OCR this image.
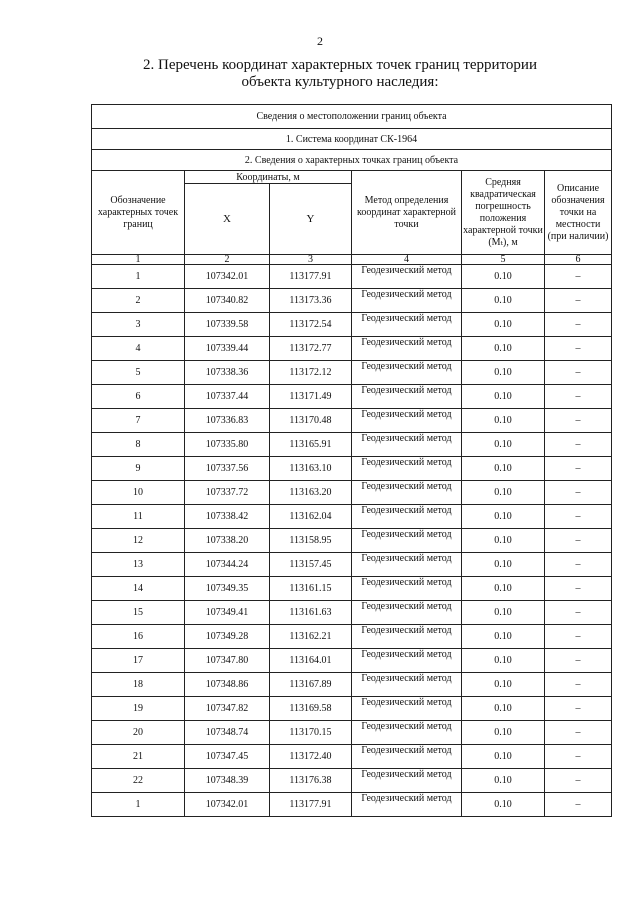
2
2. Перечень координат характерных точек границ территории
объекта культурного наследия:
Сведения о местоположении границ объекта					
1. Система координат СК-1964					
2. Сведения о характерных точках границ объекта					
Обозначение характерных точек границ	Координаты, м		Метод определения координат характерной точки	Средняя квадратическая погрешность положения характерной точки (Mₜ), м	Описание обозначения точки на местности (при наличии)
	X	Y			
1	2	3	4	5	6
1	107342.01	113177.91	Геодезический метод	0.10	–
2	107340.82	113173.36	Геодезический метод	0.10	–
3	107339.58	113172.54	Геодезический метод	0.10	–
4	107339.44	113172.77	Геодезический метод	0.10	–
5	107338.36	113172.12	Геодезический метод	0.10	–
6	107337.44	113171.49	Геодезический метод	0.10	–
7	107336.83	113170.48	Геодезический метод	0.10	–
8	107335.80	113165.91	Геодезический метод	0.10	–
9	107337.56	113163.10	Геодезический метод	0.10	–
10	107337.72	113163.20	Геодезический метод	0.10	–
11	107338.42	113162.04	Геодезический метод	0.10	–
12	107338.20	113158.95	Геодезический метод	0.10	–
13	107344.24	113157.45	Геодезический метод	0.10	–
14	107349.35	113161.15	Геодезический метод	0.10	–
15	107349.41	113161.63	Геодезический метод	0.10	–
16	107349.28	113162.21	Геодезический метод	0.10	–
17	107347.80	113164.01	Геодезический метод	0.10	–
18	107348.86	113167.89	Геодезический метод	0.10	–
19	107347.82	113169.58	Геодезический метод	0.10	–
20	107348.74	113170.15	Геодезический метод	0.10	–
21	107347.45	113172.40	Геодезический метод	0.10	–
22	107348.39	113176.38	Геодезический метод	0.10	–
1	107342.01	113177.91	Геодезический метод	0.10	–
